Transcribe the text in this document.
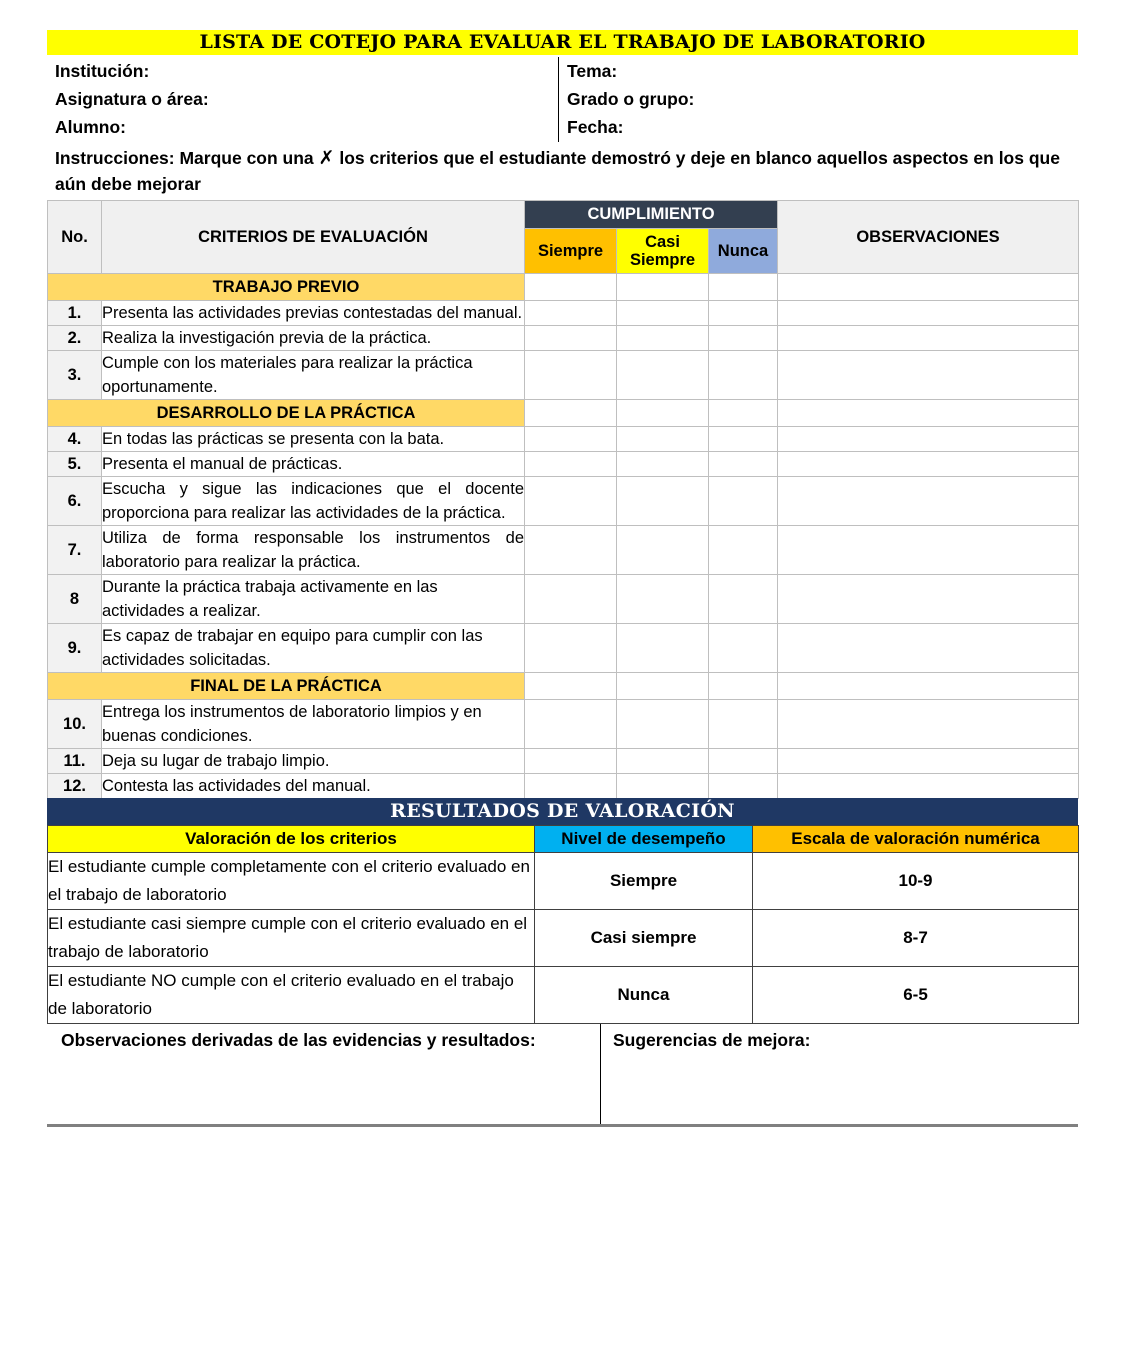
LISTA DE COTEJO PARA EVALUAR EL TRABAJO DE LABORATORIO
Institución:
Asignatura o área:
Alumno:
Tema:
Grado o grupo:
Fecha:
Instrucciones: Marque con una ✗ los criterios que el estudiante demostró y deje en blanco aquellos aspectos en los que aún debe mejorar
No.	CRITERIOS DE EVALUACIÓN	CUMPLIMIENTO			OBSERVACIONES
		Siempre	Casi Siempre	Nunca	
TRABAJO PREVIO					
1.	Presenta las actividades previas contestadas del manual.				
2.	Realiza la investigación previa de la práctica.				
3.	Cumple con los materiales para realizar la práctica oportunamente.				
DESARROLLO DE LA PRÁCTICA					
4.	En todas las prácticas se presenta con la bata.				
5.	Presenta el manual de prácticas.				
6.	Escucha y sigue las indicaciones que el docente proporciona para realizar las actividades de la práctica.				
7.	Utiliza de forma responsable los instrumentos de laboratorio para realizar la práctica.				
8	Durante la práctica trabaja activamente en las actividades a realizar.				
9.	Es capaz de trabajar en equipo para cumplir con las actividades solicitadas.				
FINAL DE LA PRÁCTICA					
10.	Entrega los instrumentos de laboratorio limpios y en buenas condiciones.				
11.	Deja su lugar de trabajo limpio.				
12.	Contesta las actividades del manual.				
RESULTADOS DE VALORACIÓN
Valoración de los criterios	Nivel de desempeño	Escala de valoración numérica
El estudiante cumple completamente con el criterio evaluado en el trabajo de laboratorio	Siempre	10-9
El estudiante casi siempre cumple con el criterio evaluado en el trabajo de laboratorio	Casi siempre	8-7
El estudiante NO cumple con el criterio evaluado en el trabajo de laboratorio	Nunca	6-5
Observaciones derivadas de las evidencias y resultados:	Sugerencias de mejora:
